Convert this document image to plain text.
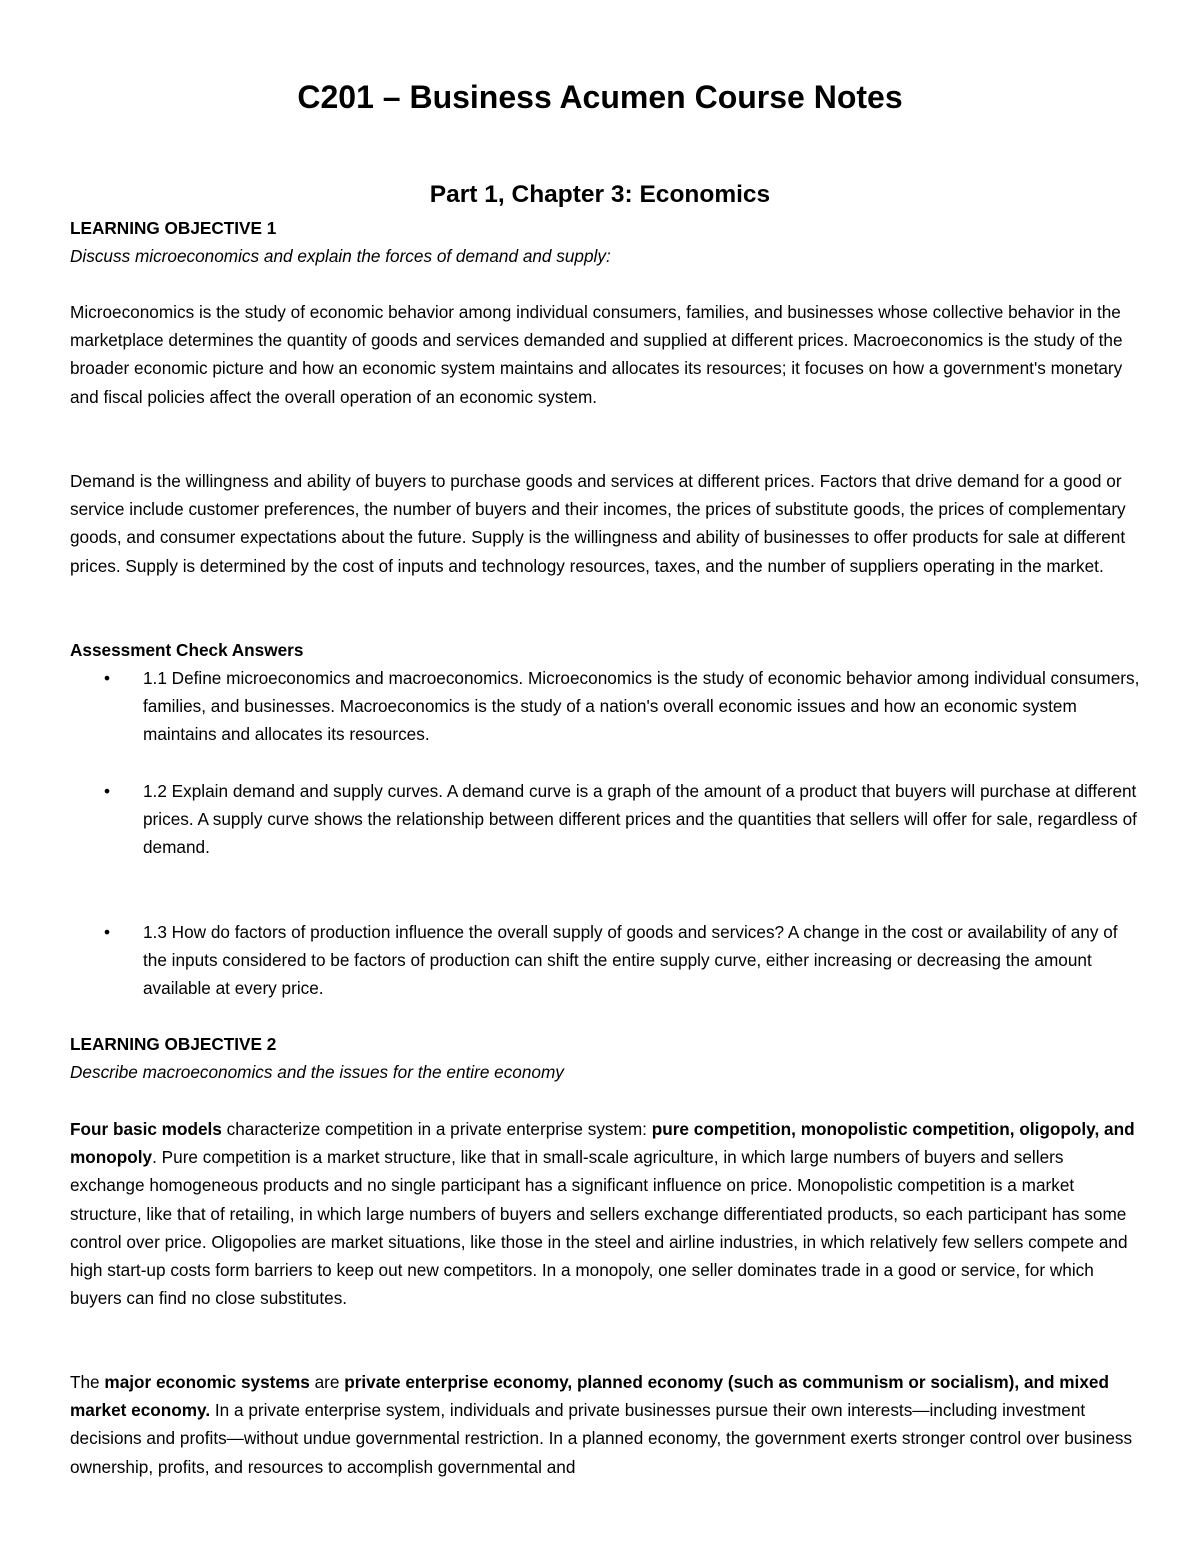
C201 – Business Acumen Course Notes
Part 1, Chapter 3: Economics

LEARNING OBJECTIVE 1

Discuss microeconomics and explain the forces of demand and supply:

Microeconomics is the study of economic behavior among individual consumers, families, and businesses whose collective behavior in the marketplace determines the quantity of goods and services demanded and supplied at different prices. Macroeconomics is the study of the broader economic picture and how an economic system maintains and allocates its resources; it focuses on how a government's monetary and fiscal policies affect the overall operation of an economic system.

Demand is the willingness and ability of buyers to purchase goods and services at different prices. Factors that drive demand for a good or service include customer preferences, the number of buyers and their incomes, the prices of substitute goods, the prices of complementary goods, and consumer expectations about the future. Supply is the willingness and ability of businesses to offer products for sale at different prices. Supply is determined by the cost of inputs and technology resources, taxes, and the number of suppliers operating in the market.

Assessment Check Answers

• 1.1 Define microeconomics and macroeconomics. Microeconomics is the study of economic behavior among individual consumers, families, and businesses. Macroeconomics is the study of a nation's overall economic issues and how an economic system maintains and allocates its resources.
• 1.2 Explain demand and supply curves. A demand curve is a graph of the amount of a product that buyers will purchase at different prices. A supply curve shows the relationship between different prices and the quantities that sellers will offer for sale, regardless of demand.
• 1.3 How do factors of production influence the overall supply of goods and services? A change in the cost or availability of any of the inputs considered to be factors of production can shift the entire supply curve, either increasing or decreasing the amount available at every price.

LEARNING OBJECTIVE 2

Describe macroeconomics and the issues for the entire economy

Four basic models characterize competition in a private enterprise system: pure competition, monopolistic competition, oligopoly, and monopoly. Pure competition is a market structure, like that in small-scale agriculture, in which large numbers of buyers and sellers exchange homogeneous products and no single participant has a significant influence on price. Monopolistic competition is a market structure, like that of retailing, in which large numbers of buyers and sellers exchange differentiated products, so each participant has some control over price. Oligopolies are market situations, like those in the steel and airline industries, in which relatively few sellers compete and high start-up costs form barriers to keep out new competitors. In a monopoly, one seller dominates trade in a good or service, for which buyers can find no close substitutes.

The major economic systems are private enterprise economy, planned economy (such as communism or socialism), and mixed market economy. In a private enterprise system, individuals and private businesses pursue their own interests—including investment decisions and profits—without undue governmental restriction. In a planned economy, the government exerts stronger control over business ownership, profits, and resources to accomplish governmental and
